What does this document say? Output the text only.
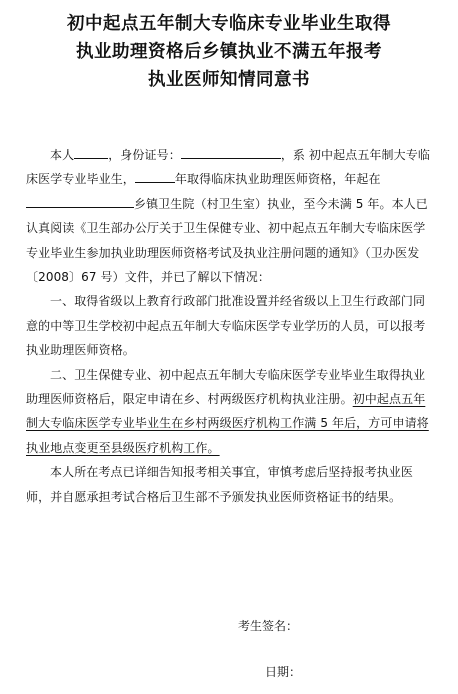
初中起点五年制大专临床专业毕业生取得
执业助理资格后乡镇执业不满五年报考
执业医师知情同意书

本人	，身份证号：	，系 初中起点五年制大专临床医学专业毕业生，	年取得临床执业助理医师资格，年起在乡镇卫生院（村卫生室）执业，至今未满 5 年。本人已认真阅读《卫生部办公厅关于卫生保健专业、初中起点五年制大专临床医学专业毕业生参加执业助理医师资格考试及执业注册问题的通知》（卫办医发〔2008〕67 号）文件，并已了解以下情况：

一、取得省级以上教育行政部门批准设置并经省级以上卫生行政部门同意的中等卫生学校初中起点五年制大专临床医学专业学历的人员，可以报考执业助理医师资格。

二、卫生保健专业、初中起点五年制大专临床医学专业毕业生取得执业助理医师资格后，限定申请在乡、村两级医疗机构执业注册。初中起点五年制大专临床医学专业毕业生在乡村两级医疗机构工作满 5 年后，方可申请将执业地点变更至县级医疗机构工作。

本人所在考点已详细告知报考相关事宜，审慎考虑后坚持报考执业医师，并自愿承担考试合格后卫生部不予颁发执业医师资格证书的结果。

考生签名：
日期：
